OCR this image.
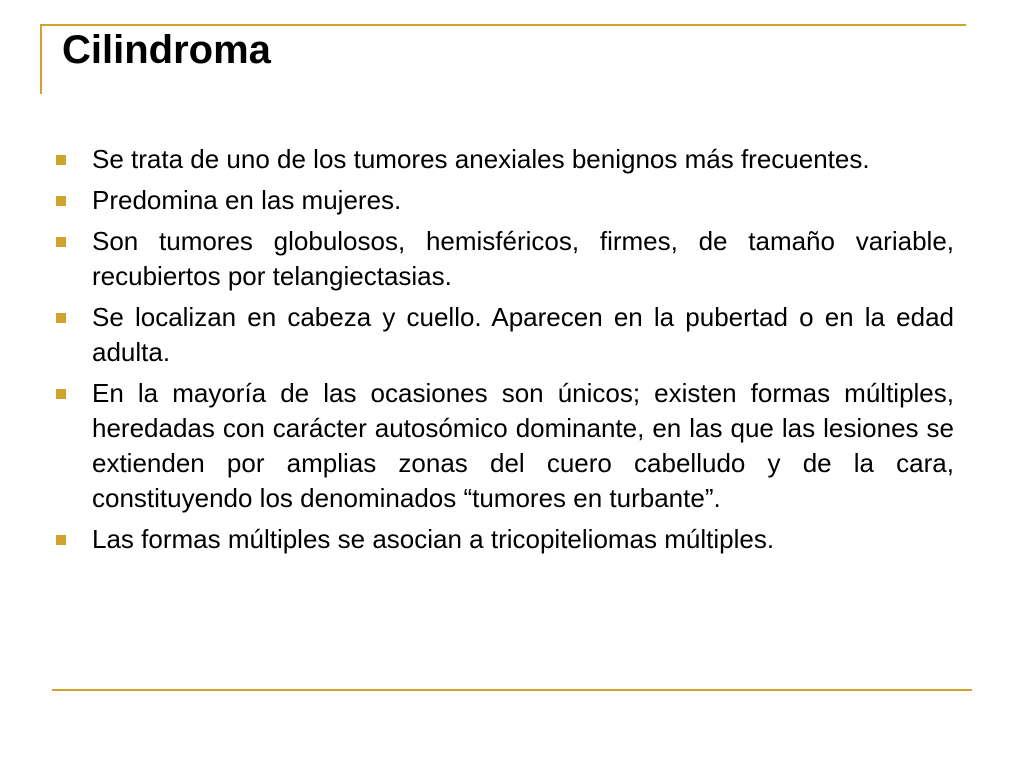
Cilindroma
Se trata de uno de los tumores anexiales benignos más frecuentes.
Predomina en las mujeres.
Son tumores globulosos, hemisféricos, firmes, de tamaño variable, recubiertos por telangiectasias.
Se localizan en cabeza y cuello. Aparecen en la pubertad o en la edad adulta.
En la mayoría de las ocasiones son únicos; existen formas múltiples, heredadas con carácter autosómico dominante, en las que las lesiones se extienden por amplias zonas del cuero cabelludo y de la cara, constituyendo los denominados “tumores en turbante”.
Las formas múltiples se asocian a tricopiteliomas múltiples.
